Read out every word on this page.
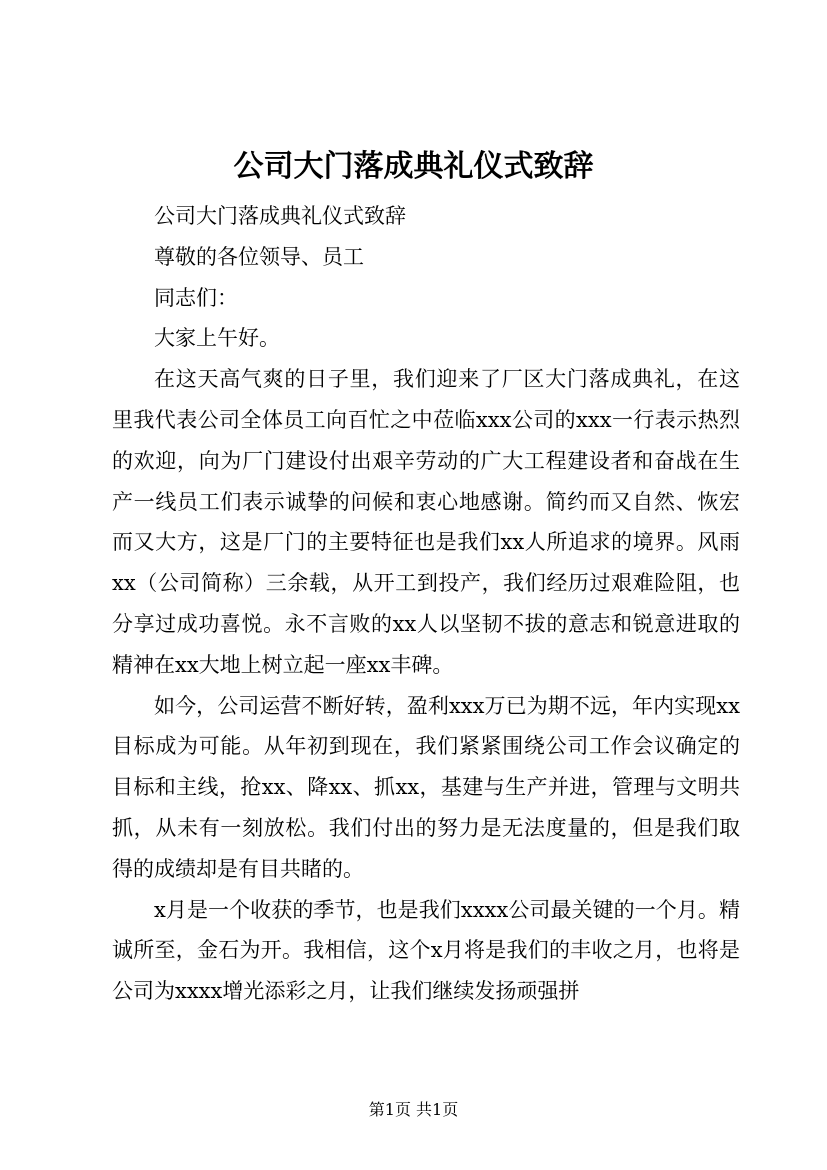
公司大门落成典礼仪式致辞

公司大门落成典礼仪式致辞

尊敬的各位领导、员工

同志们：

大家上午好。

在这天高气爽的日子里，我们迎来了厂区大门落成典礼，在这里我代表公司全体员工向百忙之中莅临xxx公司的xxx一行表示热烈的欢迎，向为厂门建设付出艰辛劳动的广大工程建设者和奋战在生产一线员工们表示诚挚的问候和衷心地感谢。简约而又自然、恢宏而又大方，这是厂门的主要特征也是我们xx人所追求的境界。风雨xx（公司简称）三余载，从开工到投产，我们经历过艰难险阻，也分享过成功喜悦。永不言败的xx人以坚韧不拔的意志和锐意进取的精神在xx大地上树立起一座xx丰碑。

如今，公司运营不断好转，盈利xxx万已为期不远，年内实现xx目标成为可能。从年初到现在，我们紧紧围绕公司工作会议确定的目标和主线，抢xx、降xx、抓xx，基建与生产并进，管理与文明共抓，从未有一刻放松。我们付出的努力是无法度量的，但是我们取得的成绩却是有目共睹的。

x月是一个收获的季节，也是我们xxxx公司最关键的一个月。精诚所至，金石为开。我相信，这个x月将是我们的丰收之月，也将是公司为xxxx增光添彩之月，让我们继续发扬顽强拼

第1页 共1页
